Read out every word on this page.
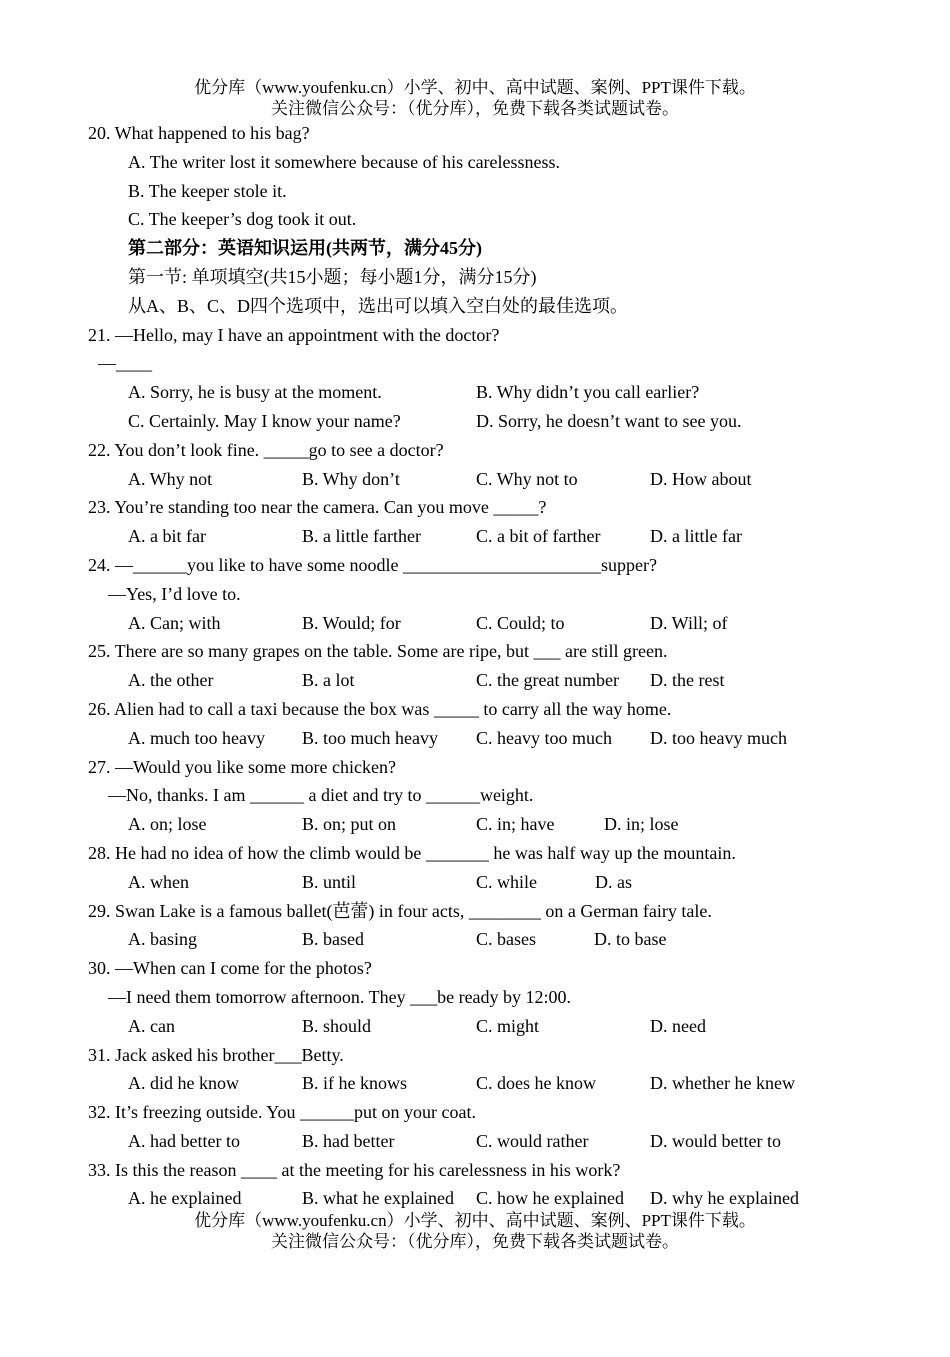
优分库（www.youfenku.cn）小学、初中、高中试题、案例、PPT课件下载。
关注微信公众号：（优分库），免费下载各类试题试卷。
20. What happened to his bag?
A. The writer lost it somewhere because of his carelessness.
B. The keeper stole it.
C. The keeper’s dog took it out.
第二部分：英语知识运用(共两节，满分45分)
第一节: 单项填空(共15小题；每小题1分，满分15分)
从A、B、C、D四个选项中，选出可以填入空白处的最佳选项。
21. —Hello, may I have an appointment with the doctor?
—____

A. Sorry, he is busy at the moment.

	B. Why didn’t you call earlier?

C. Certainly. May I know your name?

	D. Sorry, he doesn’t want to see you.

22. You don’t look fine. _____go to see a doctor?

A. Why not

	B. Why don’t

	C. Why not to

	D. How about

23. You’re standing too near the camera. Can you move _____?

A. a bit far

	B. a little farther

	C. a bit of farther

	D. a little far

24. —______you like to have some noodle ______________________supper?
—Yes, I’d love to.

A. Can; with

	B. Would; for

	C. Could; to

	D. Will; of

25. There are so many grapes on the table. Some are ripe, but ___ are still green.

A. the other

	B. a lot

	C. the great number

D. the rest

26. Alien had to call a taxi because the box was _____ to carry all the way home.

A. much too heavy

B. too much heavy

C. heavy too much

D. too heavy much

27. —Would you like some more chicken?
—No, thanks. I am ______ a diet and try to ______weight.

A. on; lose

	B. on; put on

	C. in; have

	D. in; lose

28. He had no idea of how the climb would be _______ he was half way up the mountain.

A. when

	B. until

	C. while

	D. as

29. Swan Lake is a famous ballet(芭蕾) in four acts, ________ on a German fairy tale.

A. basing

	B. based

	C. bases

	D. to base

30. —When can I come for the photos?
—I need them tomorrow afternoon. They ___be ready by 12:00.

A. can

	B. should

	C. might

	D. need

31. Jack asked his brother___Betty.

A. did he know

	B. if he knows

	C. does he know

	D. whether he knew

32. It’s freezing outside. You ______put on your coat.

A. had better to

	B. had better

	C. would rather

	D. would better to

33. Is this the reason ____ at the meeting for his carelessness in his work?

A. he explained

	B. what he explained

C. how he explained

D. why he explained

优分库（www.youfenku.cn）小学、初中、高中试题、案例、PPT课件下载。
关注微信公众号：（优分库），免费下载各类试题试卷。
